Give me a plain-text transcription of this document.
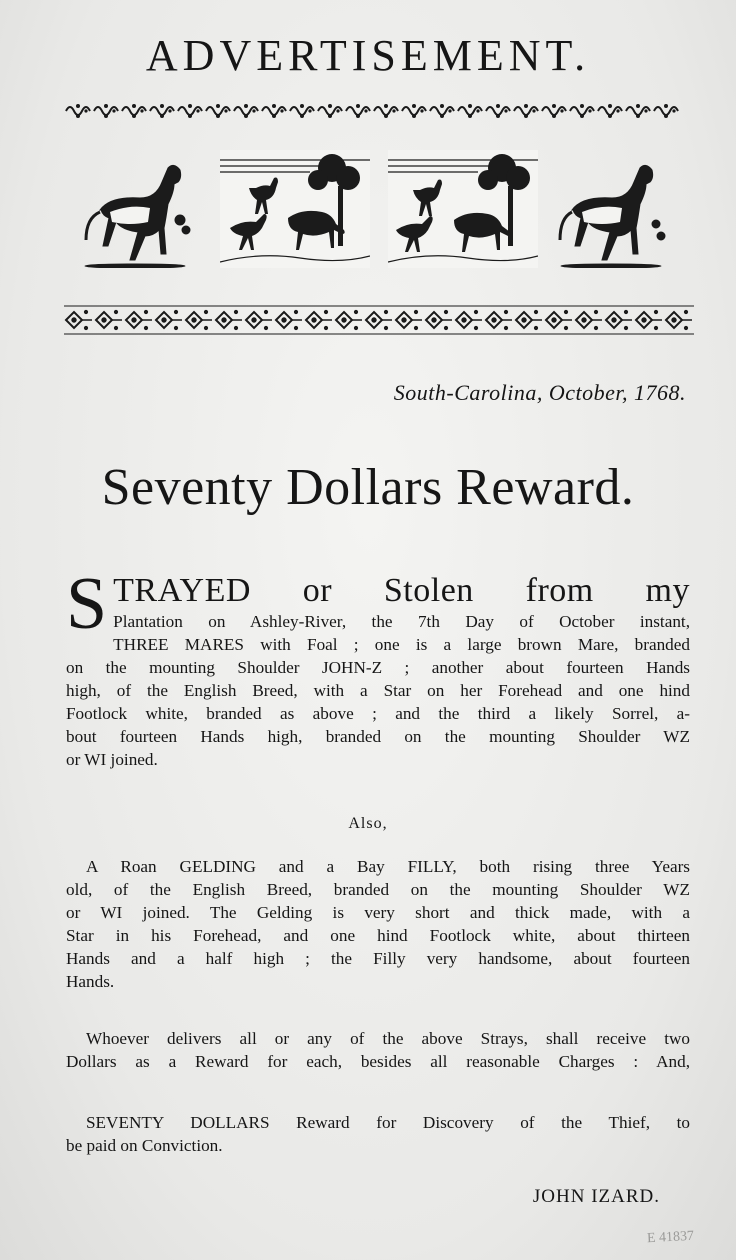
ADVERTISEMENT.
South-Carolina, October, 1768.
Seventy Dollars Reward.
S TRAYED or Stolen from my
Plantation on Ashley-River, the 7th Day of October instant,
THREE MARES with Foal ; one is a large brown Mare, branded
on the mounting Shoulder JOHN-Z ; another about fourteen Hands
high, of the English Breed, with a Star on her Forehead and one hind
Footlock white, branded as above ; and the third a likely Sorrel, a-
bout fourteen Hands high, branded on the mounting Shoulder WZ
or WI joined.
Also,
A Roan GELDING and a Bay FILLY, both rising three Years
old, of the English Breed, branded on the mounting Shoulder WZ
or WI joined. The Gelding is very short and thick made, with a
Star in his Forehead, and one hind Footlock white, about thirteen
Hands and a half high ; the Filly very handsome, about fourteen
Hands.
Whoever delivers all or any of the above Strays, shall receive two
Dollars as a Reward for each, besides all reasonable Charges : And,
SEVENTY DOLLARS Reward for Discovery of the Thief, to
be paid on Conviction.
JOHN IZARD.
E 41837
